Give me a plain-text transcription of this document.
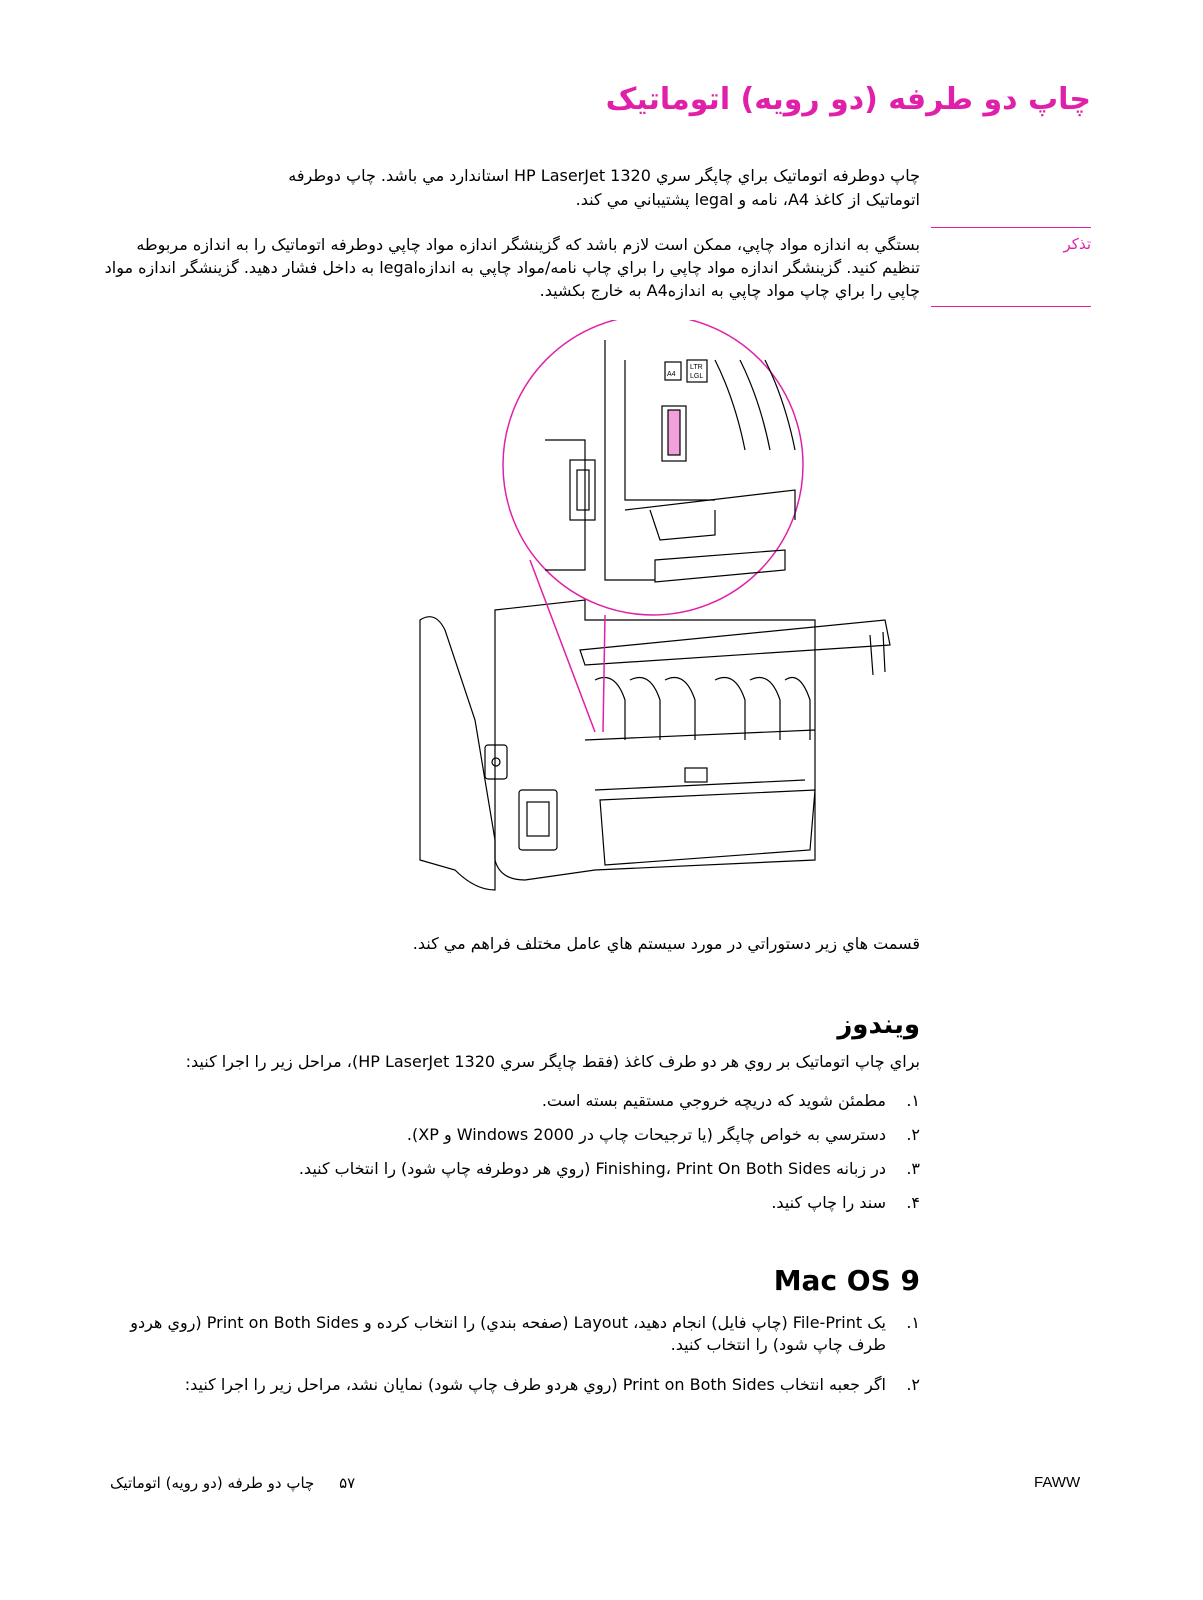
چاپ دو طرفه (دو رويه) اتوماتيک
چاپ دوطرفه اتوماتيک براي چاپگر سري HP LaserJet 1320 استاندارد مي باشد. چاپ دوطرفه اتوماتيک از کاغذ A4، نامه و legal پشتيباني مي کند.
تذکر
بستگي به اندازه مواد چاپي، ممکن است لازم باشد که گزينشگر اندازه مواد چاپي دوطرفه اتوماتيک را به اندازه مربوطه تنظيم کنيد. گزينشگر اندازه مواد چاپي را براي چاپ نامه/مواد چاپي به اندازهlegal به داخل فشار دهيد. گزينشگر اندازه مواد چاپي را براي چاپ مواد چاپي به اندازهA4 به خارج بکشيد.
A4
LTR
LGL
قسمت هاي زير دستوراتي در مورد سيستم هاي عامل مختلف فراهم مي کند.
ويندوز
براي چاپ اتوماتيک بر روي هر دو طرف کاغذ (فقط چاپگر سري HP LaserJet 1320)، مراحل زير را اجرا کنيد:
١.
مطمئن شويد که دريچه خروجي مستقيم بسته است.
٢.
دسترسي به خواص چاپگر (يا ترجيحات چاپ در Windows 2000 و XP).
٣.
در زبانه Finishing، Print On Both Sides (روي هر دوطرفه چاپ شود) را انتخاب کنيد.
۴.
سند را چاپ کنيد.
Mac OS 9
١.
يک File-Print (چاپ فايل) انجام دهيد، Layout (صفحه بندي) را انتخاب کرده و Print on Both Sides (روي هردو طرف چاپ شود) را انتخاب کنيد.
٢.
اگر جعبه انتخاب Print on Both Sides (روي هردو طرف چاپ شود) نمايان نشد، مراحل زير را اجرا کنيد:
FAWW
۵۷ چاپ دو طرفه (دو رويه) اتوماتيک
